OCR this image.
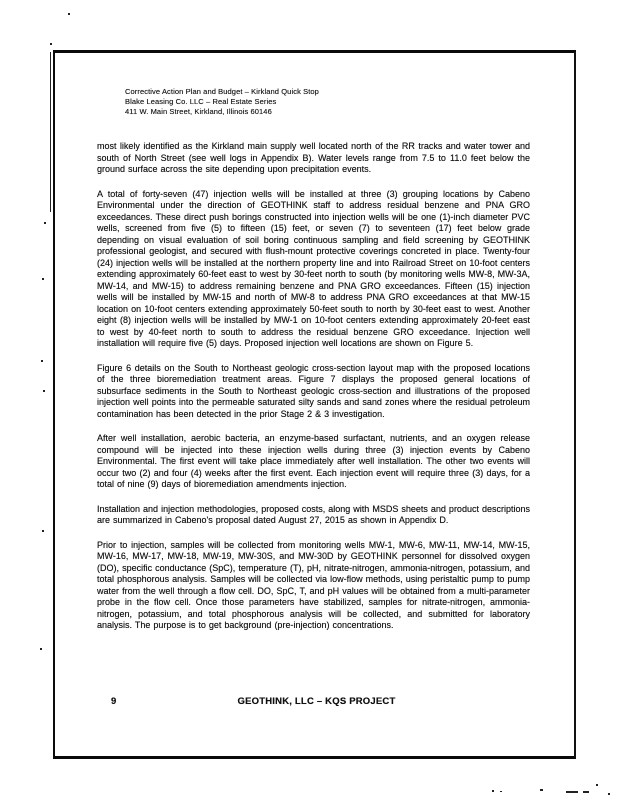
Corrective Action Plan and Budget – Kirkland Quick Stop
Blake Leasing Co. LLC – Real Estate Series
411 W. Main Street, Kirkland, Illinois 60146

most likely identified as the Kirkland main supply well located north of the RR tracks and water tower and south of North Street (see well logs in Appendix B). Water levels range from 7.5 to 11.0 feet below the ground surface across the site depending upon precipitation events.

A total of forty-seven (47) injection wells will be installed at three (3) grouping locations by Cabeno Environmental under the direction of GEOTHINK staff to address residual benzene and PNA GRO exceedances. These direct push borings constructed into injection wells will be one (1)-inch diameter PVC wells, screened from five (5) to fifteen (15) feet, or seven (7) to seventeen (17) feet below grade depending on visual evaluation of soil boring continuous sampling and field screening by GEOTHINK professional geologist, and secured with flush-mount protective coverings concreted in place. Twenty-four (24) injection wells will be installed at the northern property line and into Railroad Street on 10-foot centers extending approximately 60-feet east to west by 30-feet north to south (by monitoring wells MW-8, MW-3A, MW-14, and MW-15) to address remaining benzene and PNA GRO exceedances. Fifteen (15) injection wells will be installed by MW-15 and north of MW-8 to address PNA GRO exceedances at that MW-15 location on 10-foot centers extending approximately 50-feet south to north by 30-feet east to west. Another eight (8) injection wells will be installed by MW-1 on 10-foot centers extending approximately 20-feet east to west by 40-feet north to south to address the residual benzene GRO exceedance. Injection well installation will require five (5) days. Proposed injection well locations are shown on Figure 5.

Figure 6 details on the South to Northeast geologic cross-section layout map with the proposed locations of the three bioremediation treatment areas. Figure 7 displays the proposed general locations of subsurface sediments in the South to Northeast geologic cross-section and illustrations of the proposed injection well points into the permeable saturated silty sands and sand zones where the residual petroleum contamination has been detected in the prior Stage 2 & 3 investigation.

After well installation, aerobic bacteria, an enzyme-based surfactant, nutrients, and an oxygen release compound will be injected into these injection wells during three (3) injection events by Cabeno Environmental. The first event will take place immediately after well installation. The other two events will occur two (2) and four (4) weeks after the first event. Each injection event will require three (3) days, for a total of nine (9) days of bioremediation amendments injection.

Installation and injection methodologies, proposed costs, along with MSDS sheets and product descriptions are summarized in Cabeno's proposal dated August 27, 2015 as shown in Appendix D.

Prior to injection, samples will be collected from monitoring wells MW-1, MW-6, MW-11, MW-14, MW-15, MW-16, MW-17, MW-18, MW-19, MW-30S, and MW-30D by GEOTHINK personnel for dissolved oxygen (DO), specific conductance (SpC), temperature (T), pH, nitrate-nitrogen, ammonia-nitrogen, potassium, and total phosphorous analysis. Samples will be collected via low-flow methods, using peristaltic pump to pump water from the well through a flow cell. DO, SpC, T, and pH values will be obtained from a multi-parameter probe in the flow cell. Once those parameters have stabilized, samples for nitrate-nitrogen, ammonia-nitrogen, potassium, and total phosphorous analysis will be collected, and submitted for laboratory analysis. The purpose is to get background (pre-injection) concentrations.

9	GEOTHINK, LLC – KQS PROJECT
